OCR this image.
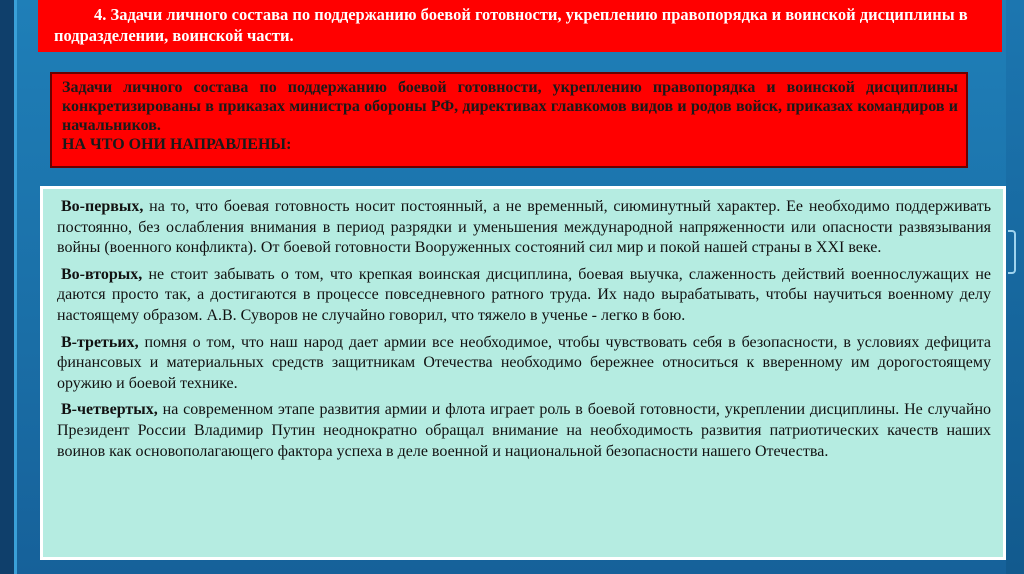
4. Задачи личного состава по поддержанию боевой готовности, укреплению правопорядка и воинской дисциплины в подразделении, воинской части.

Задачи личного состава по поддержанию боевой готовности, укреплению правопорядка и воинской дисциплины конкретизированы в приказах министра обороны РФ, директивах главкомов видов и родов войск, приказах командиров и начальников.

НА ЧТО ОНИ НАПРАВЛЕНЫ:

Во-первых, на то, что боевая готовность носит постоянный, а не временный, сиюминутный характер. Ее необходимо поддерживать постоянно, без ослабления внимания в период разрядки и уменьшения международной напряженности или опасности развязывания войны (военного конфликта). От боевой готовности Вооруженных состояний сил мир и покой нашей страны в XXI веке.

Во-вторых, не стоит забывать о том, что крепкая воинская дисциплина, боевая выучка, слаженность действий военнослужащих не даются просто так, а достигаются в процессе повседневного ратного труда. Их надо вырабатывать, чтобы научиться военному делу настоящему образом. А.В. Суворов не случайно говорил, что тяжело в ученье - легко в бою.

В-третьих, помня о том, что наш народ дает армии все необходимое, чтобы чувствовать себя в безопасности, в условиях дефицита финансовых и материальных средств защитникам Отечества необходимо бережнее относиться к вверенному им дорогостоящему оружию и боевой технике.

В-четвертых, на современном этапе развития армии и флота играет роль в боевой готовности, укреплении дисциплины. Не случайно Президент России Владимир Путин неоднократно обращал внимание на необходимость развития патриотических качеств наших воинов как основополагающего фактора успеха в деле военной и национальной безопасности нашего Отечества.
